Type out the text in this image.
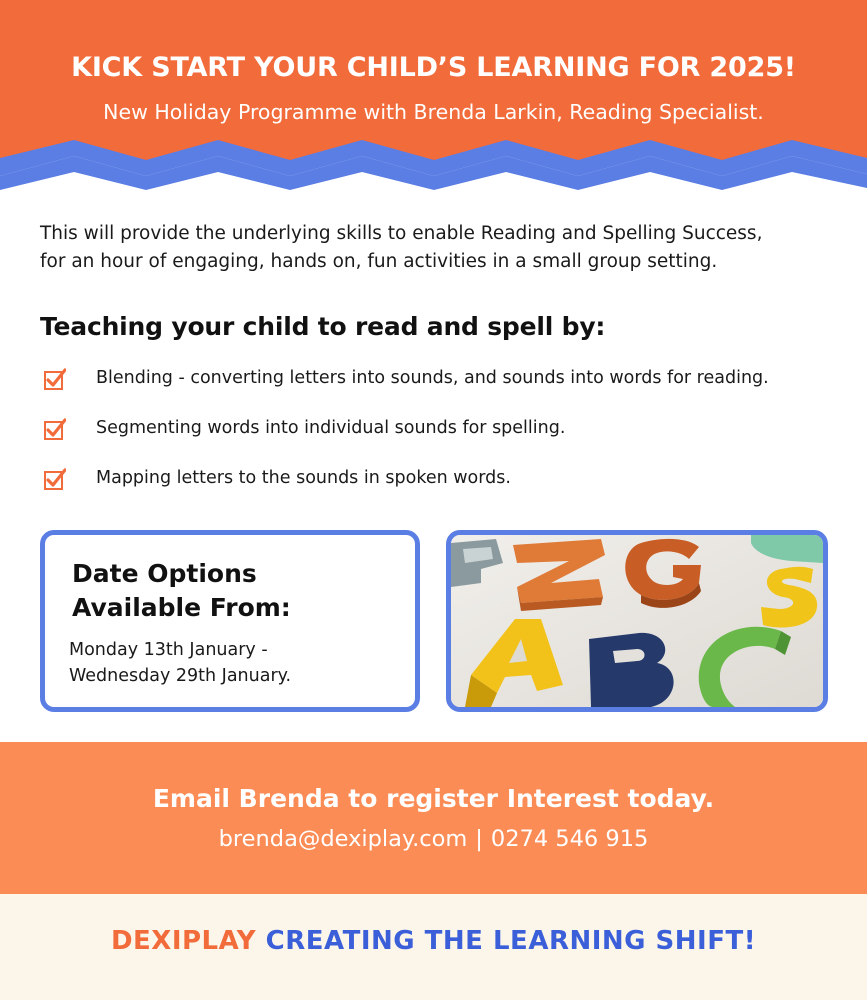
KICK START YOUR CHILD’S LEARNING FOR 2025!
New Holiday Programme with Brenda Larkin, Reading Specialist.
This will provide the underlying skills to enable Reading and Spelling Success,
for an hour of engaging, hands on, fun activities in a small group setting.
Teaching your child to read and spell by:
Blending - converting letters into sounds, and sounds into words for reading.
Segmenting words into individual sounds for spelling.
Mapping letters to the sounds in spoken words.
Date Options
Available From:
Monday 13th January -
Wednesday 29th January.
Email Brenda to register Interest today.
brenda@dexiplay.com | 0274 546 915
DEXIPLAY CREATING THE LEARNING SHIFT!
